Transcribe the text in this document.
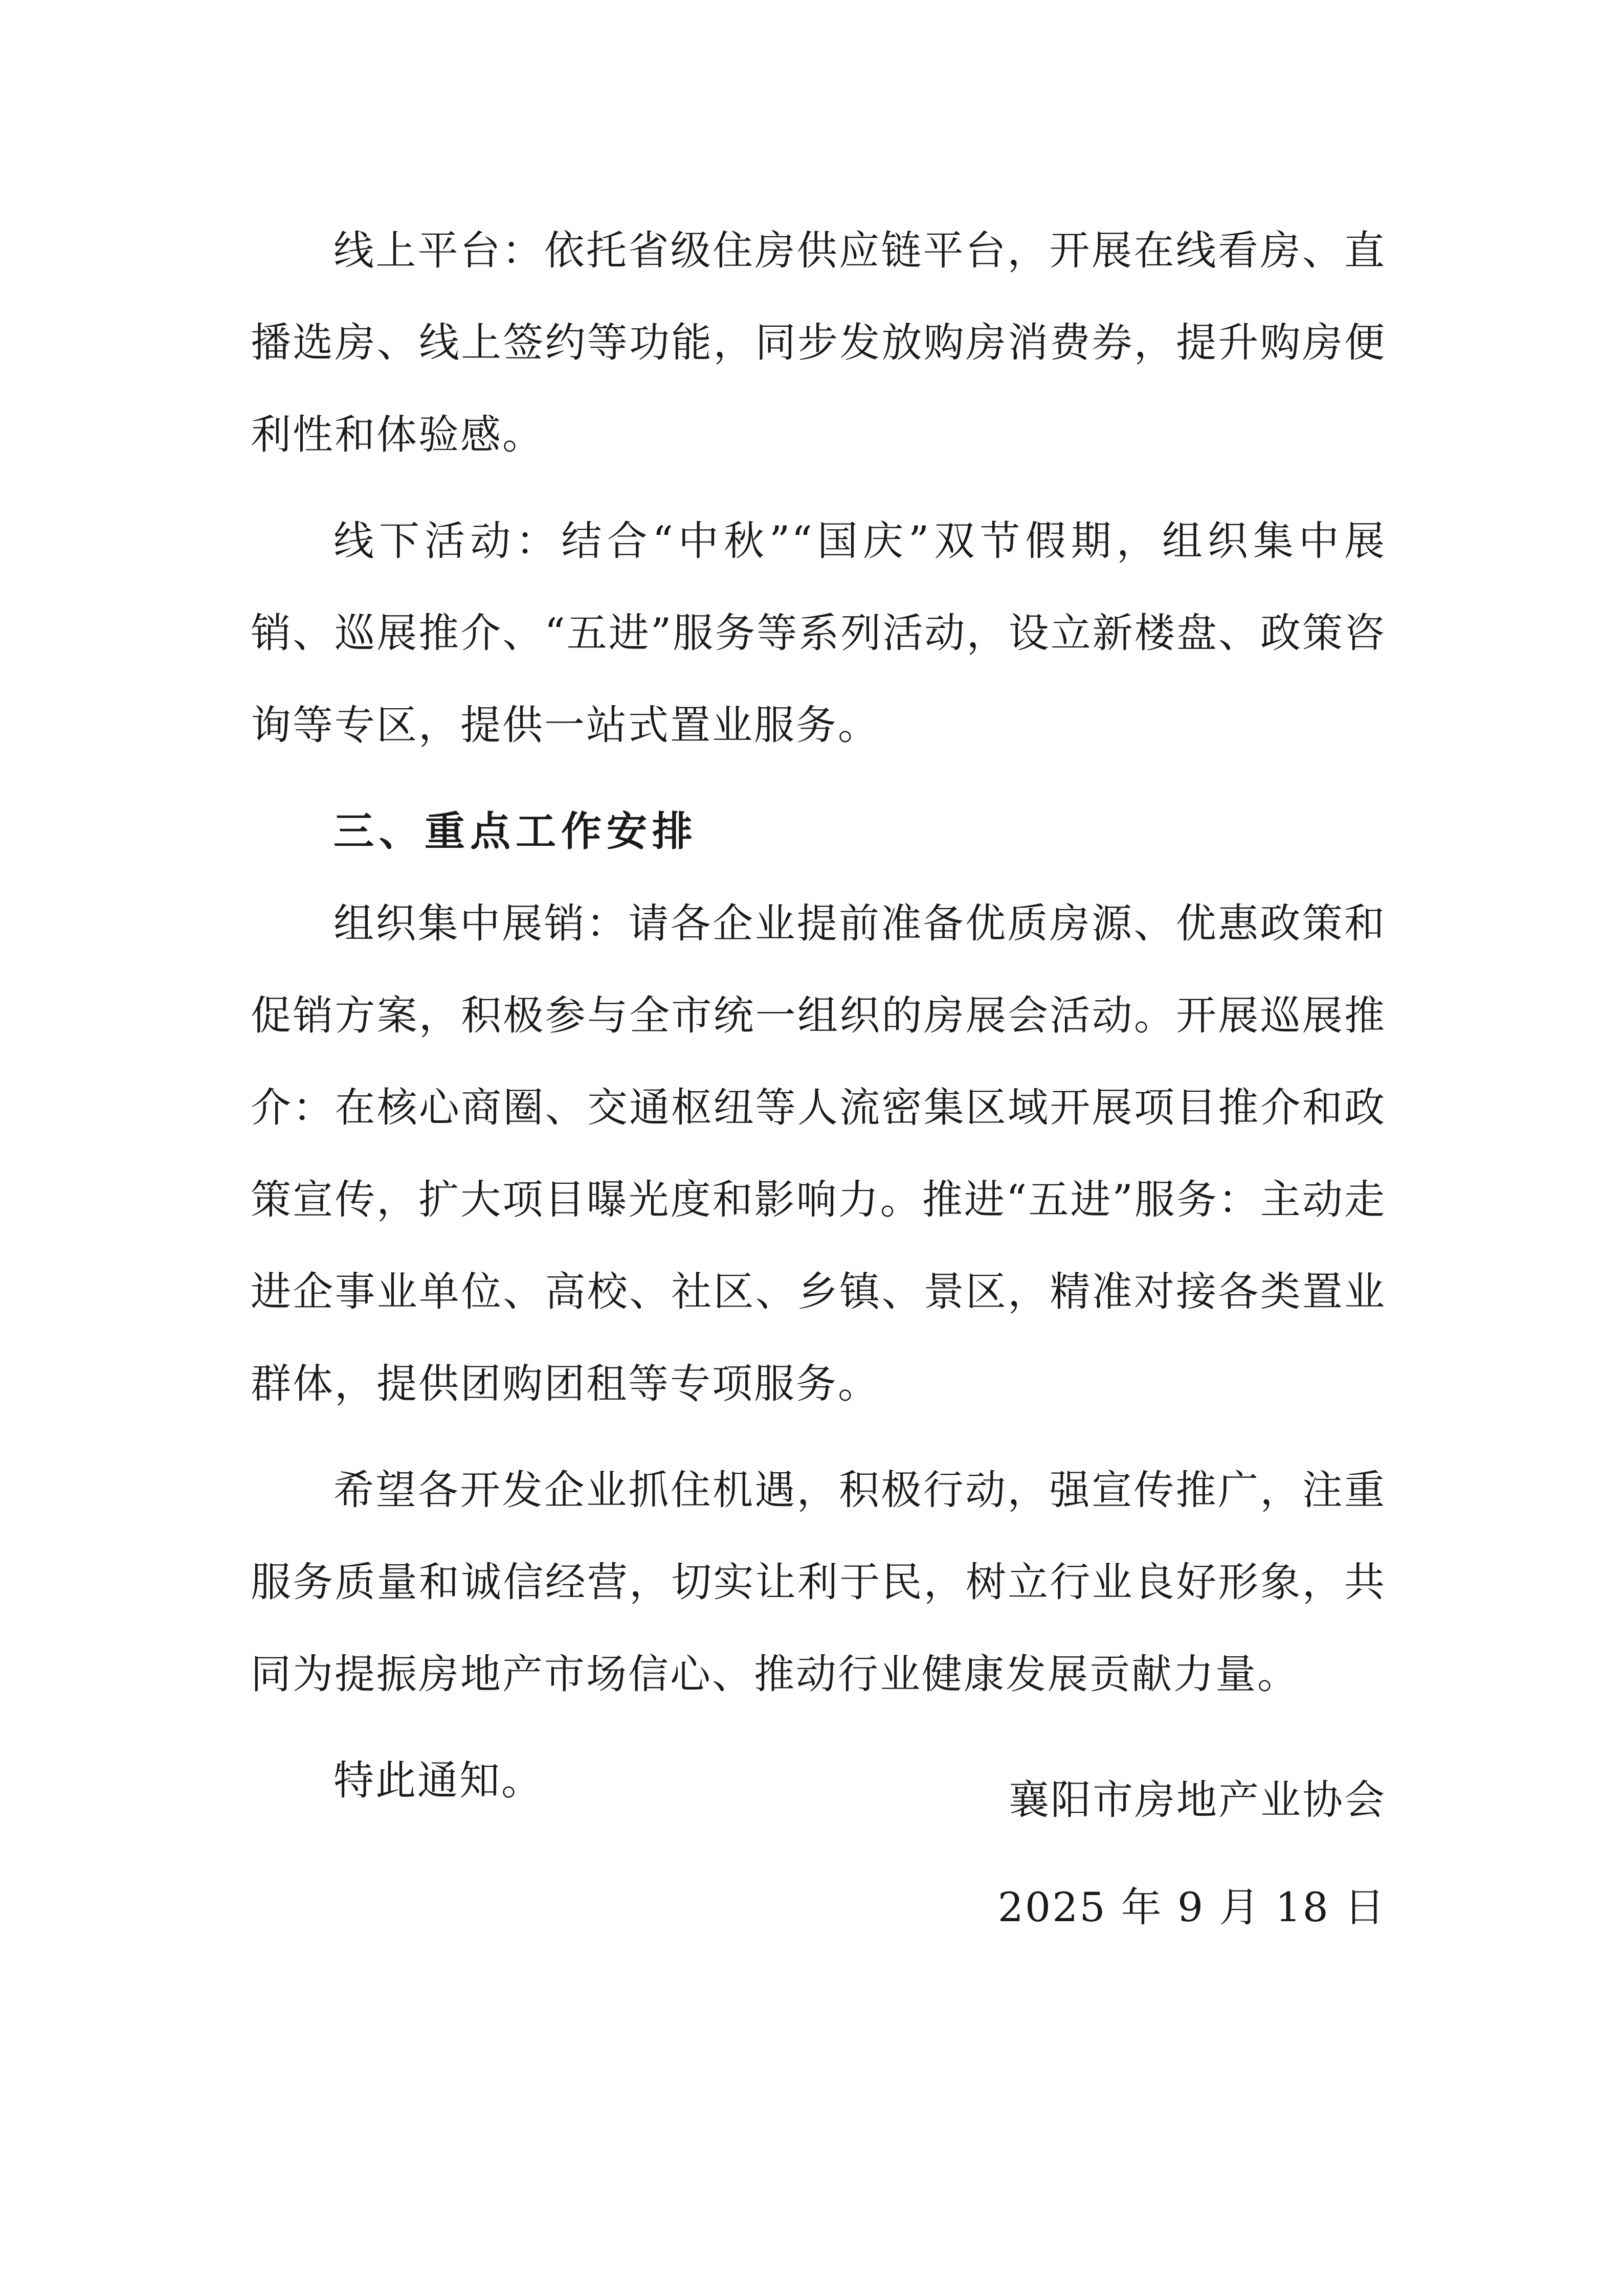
线上平台：依托省级住房供应链平台，开展在线看房、直播选房、线上签约等功能，同步发放购房消费券，提升购房便利性和体验感。

线下活动：结合“中秋”“国庆”双节假期，组织集中展销、巡展推介、“五进”服务等系列活动，设立新楼盘、政策咨询等专区，提供一站式置业服务。

三、重点工作安排

组织集中展销：请各企业提前准备优质房源、优惠政策和促销方案，积极参与全市统一组织的房展会活动。开展巡展推介：在核心商圈、交通枢纽等人流密集区域开展项目推介和政策宣传，扩大项目曝光度和影响力。推进“五进”服务：主动走进企事业单位、高校、社区、乡镇、景区，精准对接各类置业群体，提供团购团租等专项服务。

希望各开发企业抓住机遇，积极行动，强宣传推广，注重服务质量和诚信经营，切实让利于民，树立行业良好形象，共同为提振房地产市场信心、推动行业健康发展贡献力量。

特此通知。	襄阳市房地产业协会

2025 年 9 月 18 日
